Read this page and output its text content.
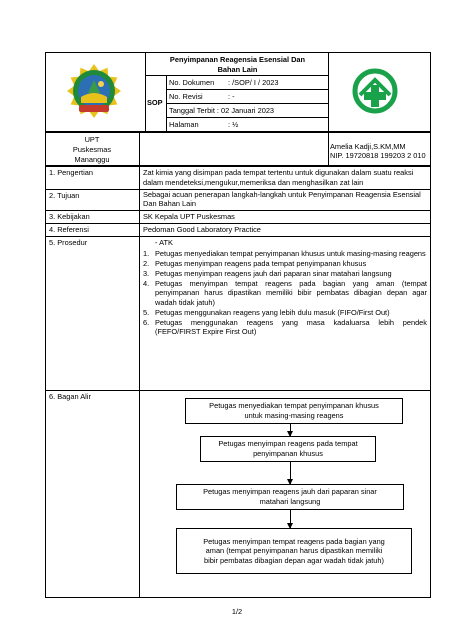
Penyimpanan Reagensia Esensial Dan
Bahan Lain
SOP
No. Dokumen : /SOP/ I / 2023
No. Revisi	: -
Tanggal Terbit : 02 Januari 2023
Halaman	: ½
UPT
Puskesmas
Mananggu
Amelia Kadji,S.KM,MM
NIP. 19720818 199203 2 010
1. Pengertian	Zat kimia yang disimpan pada tempat tertentu untuk digunakan dalam suatu reaksi dalam mendeteksi,mengukur,memeriksa dan menghasilkan zat lain
2. Tujuan	Sebagai acuan penerapan langkah-langkah untuk Penyimpanan Reagensia Esensial Dan Bahan Lain
3. Kebijakan	SK Kepala UPT Puskesmas
4. Referensi	Pedoman Good Laboratory Practice
5. Prosedur	- ATK
1. Petugas menyediakan tempat penyimpanan khusus untuk masing-masing reagens
2. Petugas menyimpan reagens pada tempat penyimpanan khusus
3. Petugas menyimpan reagens jauh dari paparan sinar matahari langsung
4. Petugas menyimpan tempat reagens pada bagian yang aman (tempat penyimpanan harus dipastikan memiliki bibir pembatas dibagian depan agar wadah tidak jatuh)
5. Petugas menggunakan reagens yang lebih dulu masuk (FIFO/First Out)
6. Petugas menggunakan reagens yang masa kadaluarsa lebih pendek (FEFO/FIRST Expire First Out)
6. Bagan Alir
Petugas menyediakan tempat penyimpanan khusus
untuk masing-masing reagens
Petugas menyimpan reagens pada tempat
penyimpanan khusus
Petugas menyimpan reagens jauh dari paparan sinar
matahari langsung
Petugas menyimpan tempat reagens pada bagian yang
aman (tempat penyimpanan harus dipastikan memiliki
bibir pembatas dibagian depan agar wadah tidak jatuh)
1/2
